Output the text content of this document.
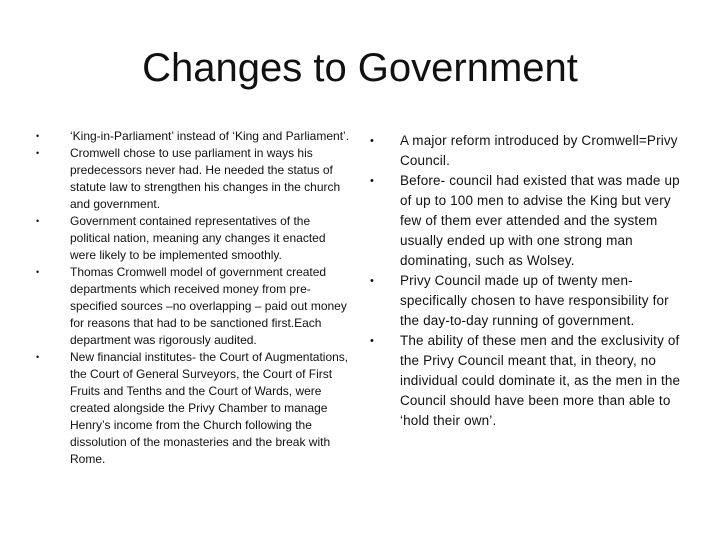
Changes to Government
•	‘King-in-Parliament’ instead of ‘King and Parliament’.
•	Cromwell chose to use parliament in ways his predecessors never had. He needed the status of statute law to strengthen his changes in the church and government.
•	Government contained representatives of the political nation, meaning any changes it enacted were likely to be implemented smoothly.
•	Thomas Cromwell model of government created departments which received money from pre-specified sources –no overlapping – paid out money for reasons that had to be sanctioned first.Each department was rigorously audited.
•	New financial institutes- the Court of Augmentations, the Court of General Surveyors, the Court of First Fruits and Tenths and the Court of Wards, were created alongside the Privy Chamber to manage Henry’s income from the Church following the dissolution of the monasteries and the break with Rome.
• A major reform introduced by Cromwell=Privy Council.
• Before- council had existed that was made up of up to 100 men to advise the King but very few of them ever attended and the system usually ended up with one strong man dominating, such as Wolsey.
• Privy Council made up of twenty men- specifically chosen to have responsibility for the day-to-day running of government.
• The ability of these men and the exclusivity of the Privy Council meant that, in theory, no individual could dominate it, as the men in the Council should have been more than able to ‘hold their own’.
